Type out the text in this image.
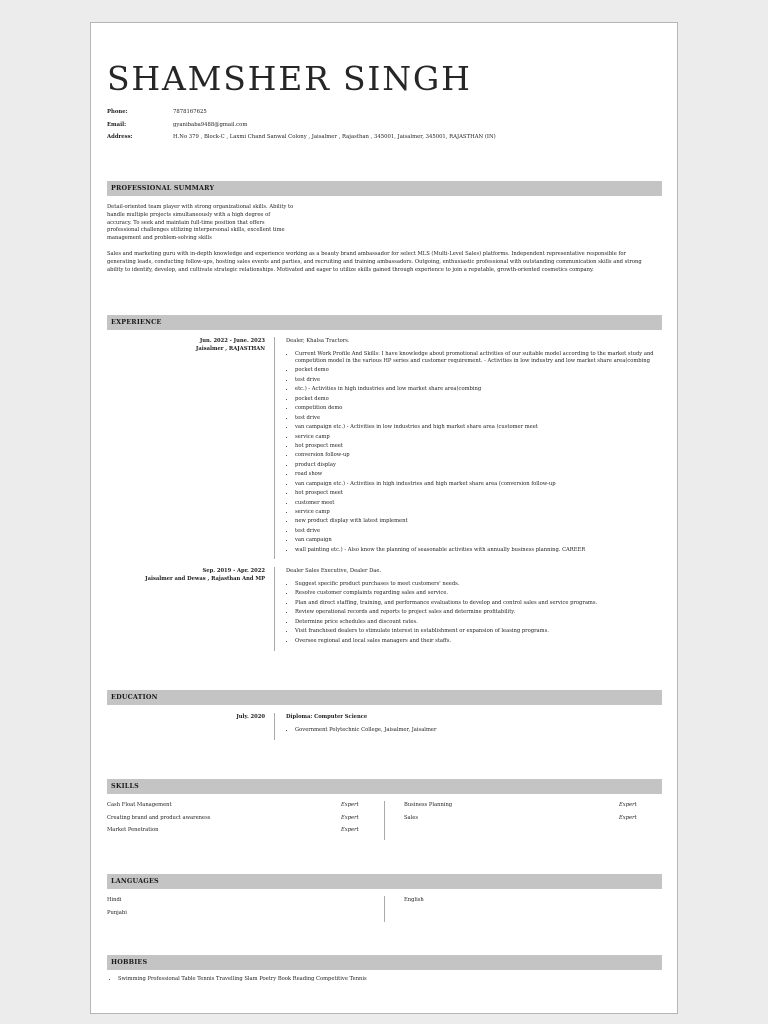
SHAMSHER SINGH
Phone:	7878167625
Email:	gyanibaba9488@gmail.com
Address:	H.No 379 , Block-C , Laxmi Chand Sanwal Colony , Jaisalmer , Rajasthan , 345001, Jaisalmer, 345001, RAJASTHAN (IN)
PROFESSIONAL SUMMARY
Detail-oriented team player with strong organizational skills. Ability to
handle multiple projects simultaneously with a high degree of
accuracy. To seek and maintain full-time position that offers
professional challenges utilizing interpersonal skills, excellent time
management and problem-solving skills
Sales and marketing guru with in-depth knowledge and experience working as a beauty brand ambassador for select MLS (Multi-Level Sales) platforms. Independent representative responsible for
generating leads, conducting follow-ups, hosting sales events and parties, and recruiting and training ambassadors. Outgoing, enthusiastic professional with outstanding communication skills and strong
ability to identify, develop, and cultivate strategic relationships. Motivated and eager to utilize skills gained through experience to join a reputable, growth-oriented cosmetics company.
EXPERIENCE
Jun. 2022 - June. 2023
Jaisalmer , RAJASTHAN
Dealer, Khalsa Tractors.
• Current Work Profile And Skills: I have knowledge about promotional activities of our suitable model according to the market study and competition model in the various HP series and customer requirement. - Activities in low industry and low market share area(combing
• pocket demo
• test drive
• etc.) - Activities in high industries and low market share area(combing
• pocket demo
• competition demo
• test drive
• van campaign etc.) - Activities in low industries and high market share area (customer meet
• service camp
• hot prospect meet
• conversion follow-up
• product display
• road show
• van campaign etc.) - Activities in high industries and high market share area (conversion follow-up
• hot prospect meet
• customer meet
• service camp
• new product display with latest implement
• test drive
• van campaign
• wall painting etc.) - Also know the planning of seasonable activities with annually business planning. CAREER
Sep. 2019 - Apr. 2022
Jaisalmer and Dewas , Rajasthan And MP
Dealer Sales Executive, Dealer Dae.
• Suggest specific product purchases to meet customers' needs.
• Resolve customer complaints regarding sales and service.
• Plan and direct staffing, training, and performance evaluations to develop and control sales and service programs.
• Review operational records and reports to project sales and determine profitability.
• Determine price schedules and discount rates.
• Visit franchised dealers to stimulate interest in establishment or expansion of leasing programs.
• Oversee regional and local sales managers and their staffs.
EDUCATION
July. 2020	Diploma: Computer Science
• Government Polytechnic College, Jaisalmer, Jaisalmer
SKILLS
Cash Float Management	Expert
Creating brand and product awareness	Expert
Market Penetration	Expert
Business Planning	Expert
Sales	Expert
LANGUAGES
Hindi
Punjabi
English
HOBBIES
• Swimming Professional Table Tennis Travelling Slam Poetry Book Reading Competitive Tennis
